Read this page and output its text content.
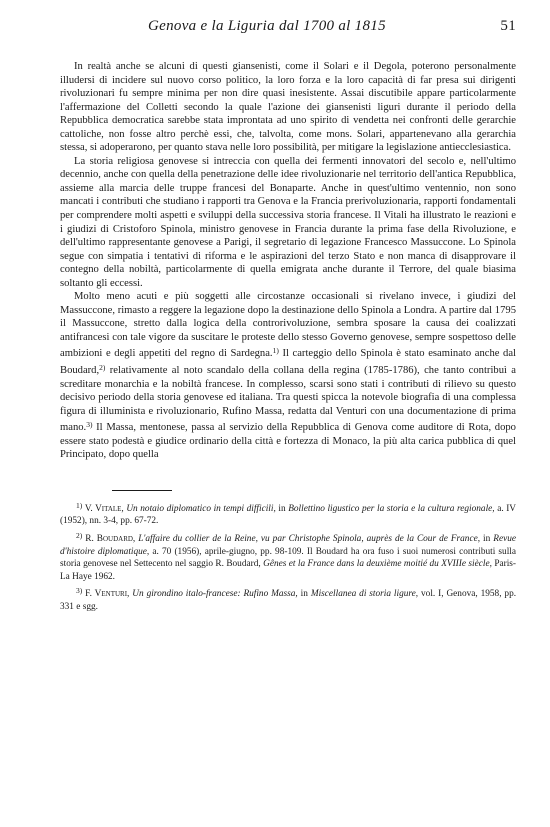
Genova e la Liguria dal 1700 al 1815	51

In realtà anche se alcuni di questi giansenisti, come il Solari e il Degola, poterono personalmente illudersi di incidere sul nuovo corso politico, la loro forza e la loro capacità di far presa sui dirigenti rivoluzionari fu sempre minima per non dire quasi inesistente. Assai discutibile appare particolarmente l'affermazione del Colletti secondo la quale l'azione dei giansenisti liguri durante il periodo della Repubblica democratica sarebbe stata improntata ad uno spirito di vendetta nei confronti delle gerarchie cattoliche, non fosse altro perchè essi, che, talvolta, come mons. Solari, appartenevano alla gerarchia stessa, si adoperarono, per quanto stava nelle loro possibilità, per mitigare la legislazione antiecclesiastica.

La storia religiosa genovese si intreccia con quella dei fermenti innovatori del secolo e, nell'ultimo decennio, anche con quella della penetrazione delle idee rivoluzionarie nel territorio dell'antica Repubblica, assieme alla marcia delle truppe francesi del Bonaparte. Anche in quest'ultimo ventennio, non sono mancati i contributi che studiano i rapporti tra Genova e la Francia prerivoluzionaria, rapporti fondamentali per comprendere molti aspetti e sviluppi della successiva storia francese. Il Vitali ha illustrato le reazioni e i giudizi di Cristoforo Spinola, ministro genovese in Francia durante la prima fase della Rivoluzione, e dell'ultimo rappresentante genovese a Parigi, il segretario di legazione Francesco Massuccone. Lo Spinola segue con simpatia i tentativi di riforma e le aspirazioni del terzo Stato e non manca di disapprovare il contegno della nobiltà, particolarmente di quella emigrata anche durante il Terrore, del quale biasima soltanto gli eccessi.

Molto meno acuti e più soggetti alle circostanze occasionali si rivelano invece, i giudizi del Massuccone, rimasto a reggere la legazione dopo la destinazione dello Spinola a Londra. A partire dal 1795 il Massuccone, stretto dalla logica della controrivoluzione, sembra sposare la causa dei coalizzati antifrancesi con tale vigore da suscitare le proteste dello stesso Governo genovese, sempre sospettoso delle ambizioni e degli appetiti del regno di Sardegna.$^{1)}$ Il carteggio dello Spinola è stato esaminato anche dal Boudard,$^{2)}$ relativamente al noto scandalo della collana della regina (1785-1786), che tanto contribuì a screditare monarchia e la nobiltà francese. In complesso, scarsi sono stati i contributi di rilievo su questo decisivo periodo della storia genovese ed italiana. Tra questi spicca la notevole biografia di una complessa figura di illuminista e rivoluzionario, Rufino Massa, redatta dal Venturi con una documentazione di prima mano.$^{3)}$ Il Massa, mentonese, passa al servizio della Repubblica di Genova come auditore di Rota, dopo essere stato podestà e giudice ordinario della città e fortezza di Monaco, la più alta carica pubblica di quel Principato, dopo quella

$^{1)}$ V. Vitale, Un notaio diplomatico in tempi difficili, in Bollettino ligustico per la storia e la cultura regionale, a. IV (1952), nn. 3-4, pp. 67-72.

$^{2)}$ R. Boudard, L'affaire du collier de la Reine, vu par Christophe Spinola, auprès de la Cour de France, in Revue d'histoire diplomatique, a. 70 (1956), aprile-giugno, pp. 98-109. Il Boudard ha ora fuso i suoi numerosi contributi sulla storia genovese nel Settecento nel saggio R. Boudard, Gênes et la France dans la deuxième moitié du XVIIIe siècle, Paris-La Haye 1962.

$^{3)}$ F. Venturi, Un girondino italo-francese: Rufino Massa, in Miscellanea di storia ligure, vol. I, Genova, 1958, pp. 331 e sgg.
